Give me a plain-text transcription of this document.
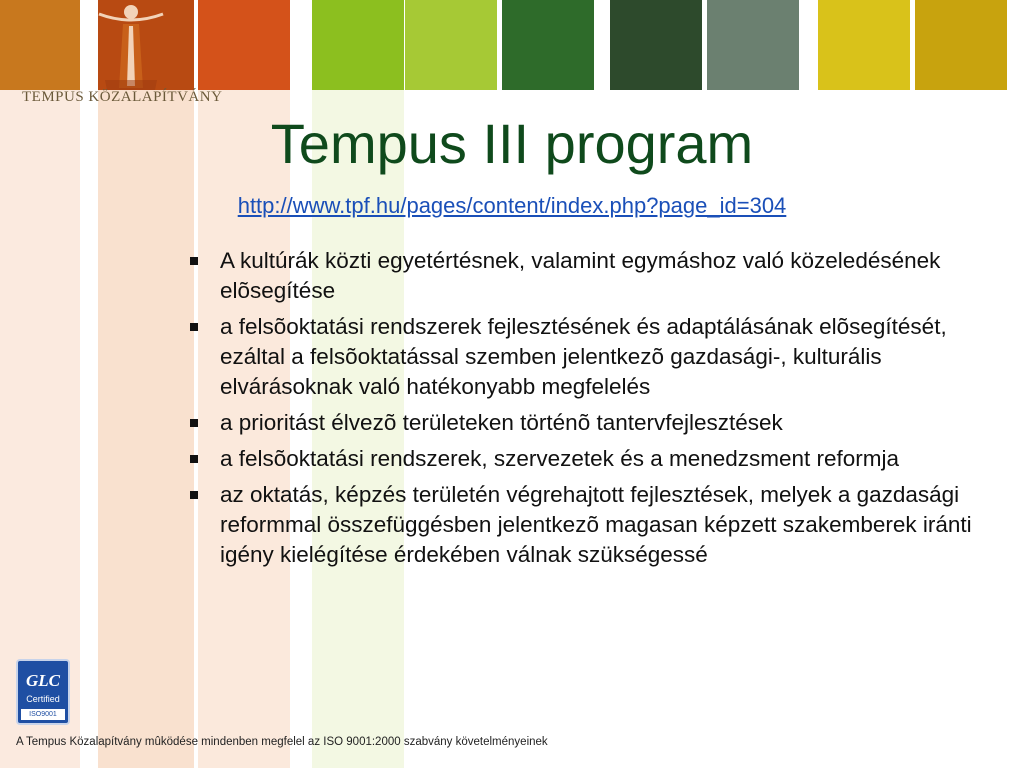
TEMPUS KÖZALAPÍTVÁNY
Tempus III program
http://www.tpf.hu/pages/content/index.php?page_id=304
A kultúrák közti egyetértésnek, valamint egymáshoz való közeledésének elõsegítése
a felsõoktatási rendszerek fejlesztésének és adaptálásának elõsegítését, ezáltal a felsõoktatással szemben jelentkezõ gazdasági-, kulturális elvárásoknak való hatékonyabb megfelelés
a prioritást élvezõ területeken történõ tantervfejlesztések
a felsõoktatási rendszerek, szervezetek és a menedzsment reformja
az oktatás, képzés területén végrehajtott fejlesztések, melyek a gazdasági reformmal összefüggésben jelentkezõ magasan képzett szakemberek iránti igény kielégítése érdekében válnak szükségessé
GLC
Certified
ISO9001
A Tempus Közalapítvány mûködése mindenben megfelel az ISO 9001:2000 szabvány követelményeinek
